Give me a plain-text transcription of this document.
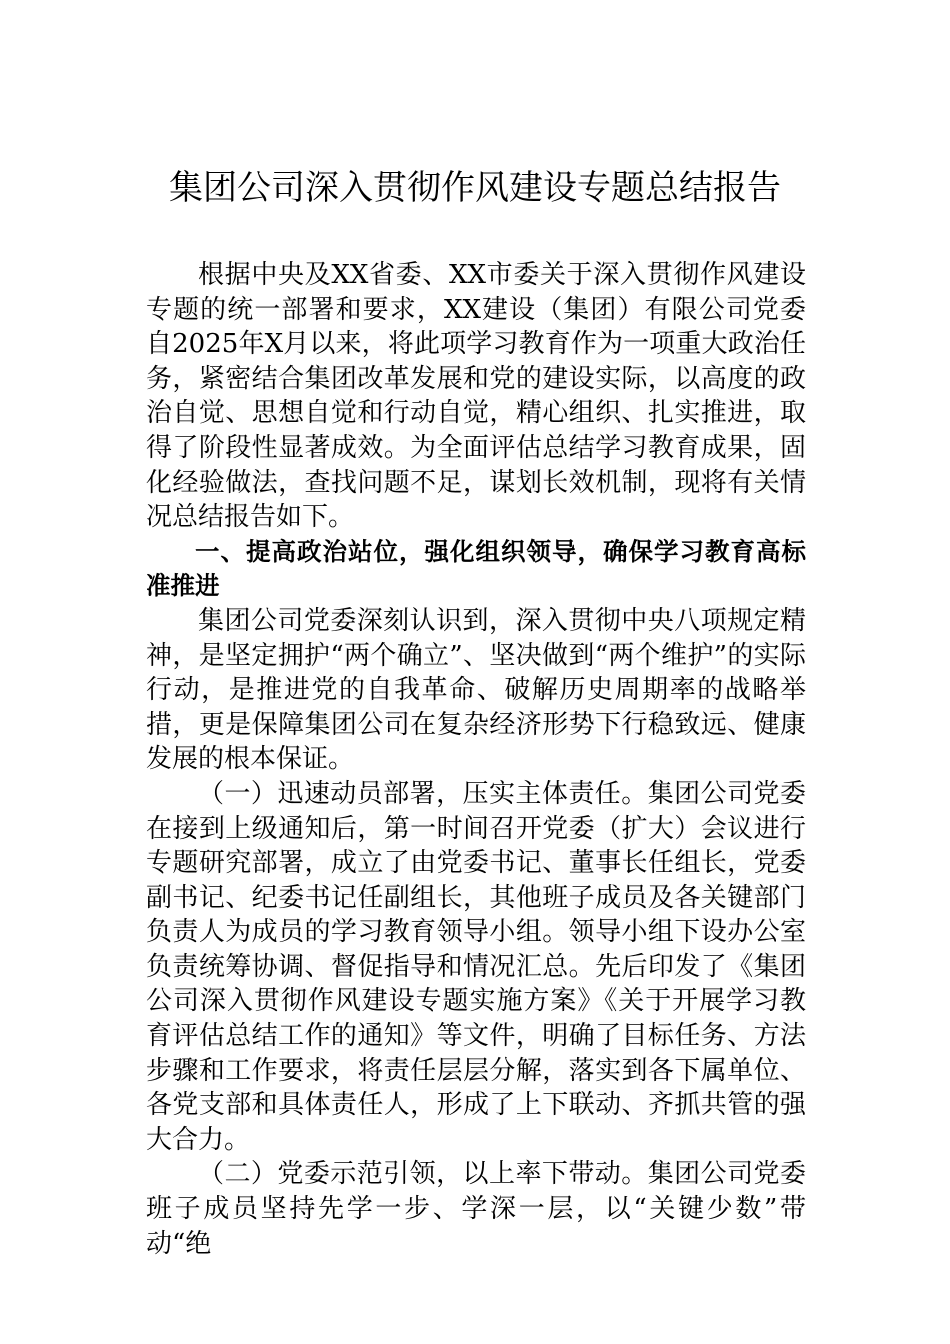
集团公司深入贯彻作风建设专题总结报告

根据中央及XX省委、XX市委关于深入贯彻作风建设专题的统一部署和要求，XX建设（集团）有限公司党委自2025年X月以来，将此项学习教育作为一项重大政治任务，紧密结合集团改革发展和党的建设实际，以高度的政治自觉、思想自觉和行动自觉，精心组织、扎实推进，取得了阶段性显著成效。为全面评估总结学习教育成果，固化经验做法，查找问题不足，谋划长效机制，现将有关情况总结报告如下。

一、提高政治站位，强化组织领导，确保学习教育高标准推进

集团公司党委深刻认识到，深入贯彻中央八项规定精神，是坚定拥护“两个确立”、坚决做到“两个维护”的实际行动，是推进党的自我革命、破解历史周期率的战略举措，更是保障集团公司在复杂经济形势下行稳致远、健康发展的根本保证。

（一）迅速动员部署，压实主体责任。集团公司党委在接到上级通知后，第一时间召开党委（扩大）会议进行专题研究部署，成立了由党委书记、董事长任组长，党委副书记、纪委书记任副组长，其他班子成员及各关键部门负责人为成员的学习教育领导小组。领导小组下设办公室负责统筹协调、督促指导和情况汇总。先后印发了《集团公司深入贯彻作风建设专题实施方案》《关于开展学习教育评估总结工作的通知》等文件，明确了目标任务、方法步骤和工作要求，将责任层层分解，落实到各下属单位、各党支部和具体责任人，形成了上下联动、齐抓共管的强大合力。

（二）党委示范引领，以上率下带动。集团公司党委班子成员坚持先学一步、学深一层，以“关键少数”带动“绝
